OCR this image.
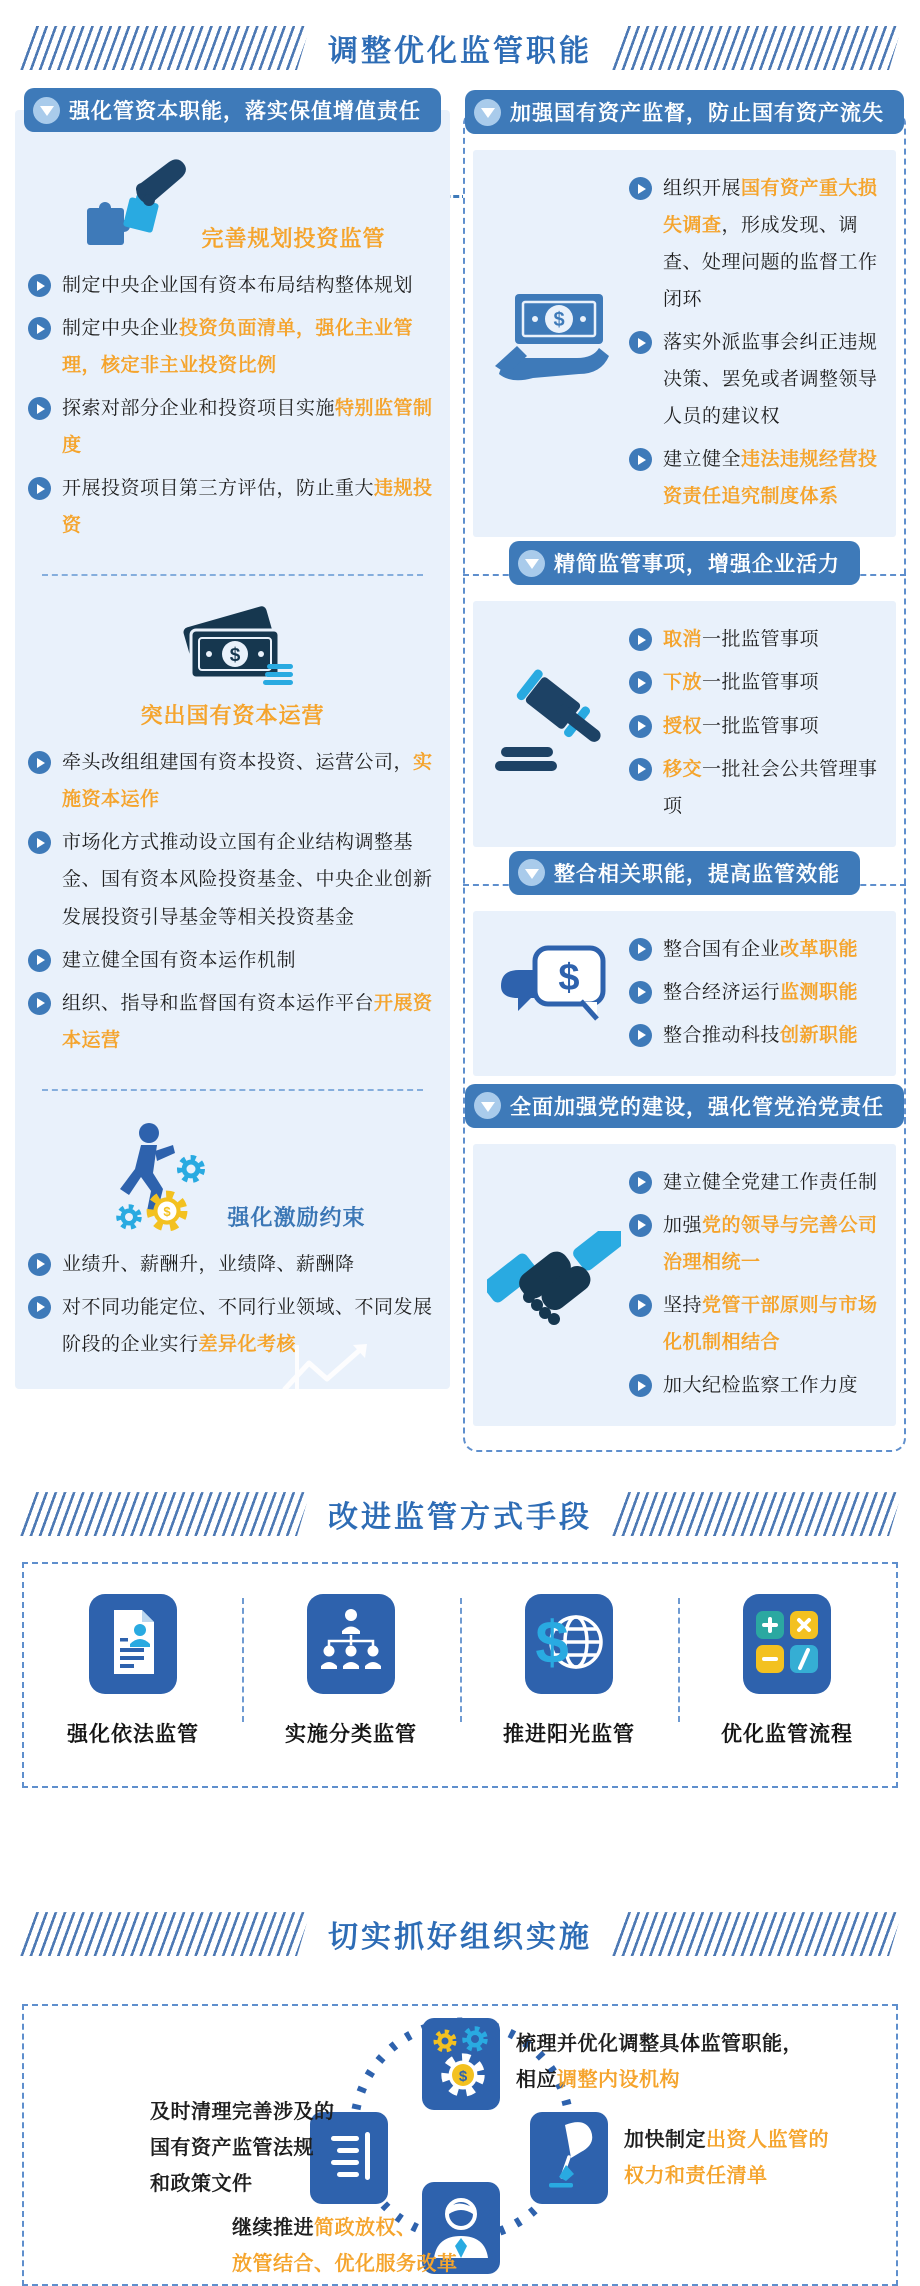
调整优化监管职能
强化管资本职能，落实保值增值责任
完善规划投资监管
制定中央企业国有资本布局结构整体规划
制定中央企业投资负面清单，强化主业管理，核定非主业投资比例
探索对部分企业和投资项目实施特别监管制度
开展投资项目第三方评估，防止重大违规投资
$
突出国有资本运营
牵头改组组建国有资本投资、运营公司，实施资本运作
市场化方式推动设立国有企业结构调整基金、国有资本风险投资基金、中央企业创新发展投资引导基金等相关投资基金
建立健全国有资本运作机制
组织、指导和监督国有资本运作平台开展资本运营
$	强化激励约束
业绩升、薪酬升，业绩降、薪酬降
对不同功能定位、不同行业领域、不同发展阶段的企业实行差异化考核
加强国有资产监督，防止国有资产流失
$
组织开展国有资产重大损失调查，形成发现、调查、处理问题的监督工作闭环
落实外派监事会纠正违规决策、罢免或者调整领导人员的建议权
建立健全违法违规经营投资责任追究制度体系
精简监管事项，增强企业活力
取消一批监管事项
下放一批监管事项
授权一批监管事项
移交一批社会公共管理事项
整合相关职能，提高监管效能
$
整合国有企业改革职能
整合经济运行监测职能
整合推动科技创新职能
全面加强党的建设，强化管党治党责任
建立健全党建工作责任制
加强党的领导与完善公司治理相统一
坚持党管干部原则与市场化机制相结合
加大纪检监察工作力度
改进监管方式手段
强化依法监管	实施分类监管
$
推进阳光监管	优化监管流程
切实抓好组织实施
$
梳理并优化调整具体监管职能，
相应调整内设机构
及时清理完善涉及的
国有资产监管法规
和政策文件
加快制定出资人监管的
权力和责任清单
继续推进简政放权、
放管结合、优化服务改革
